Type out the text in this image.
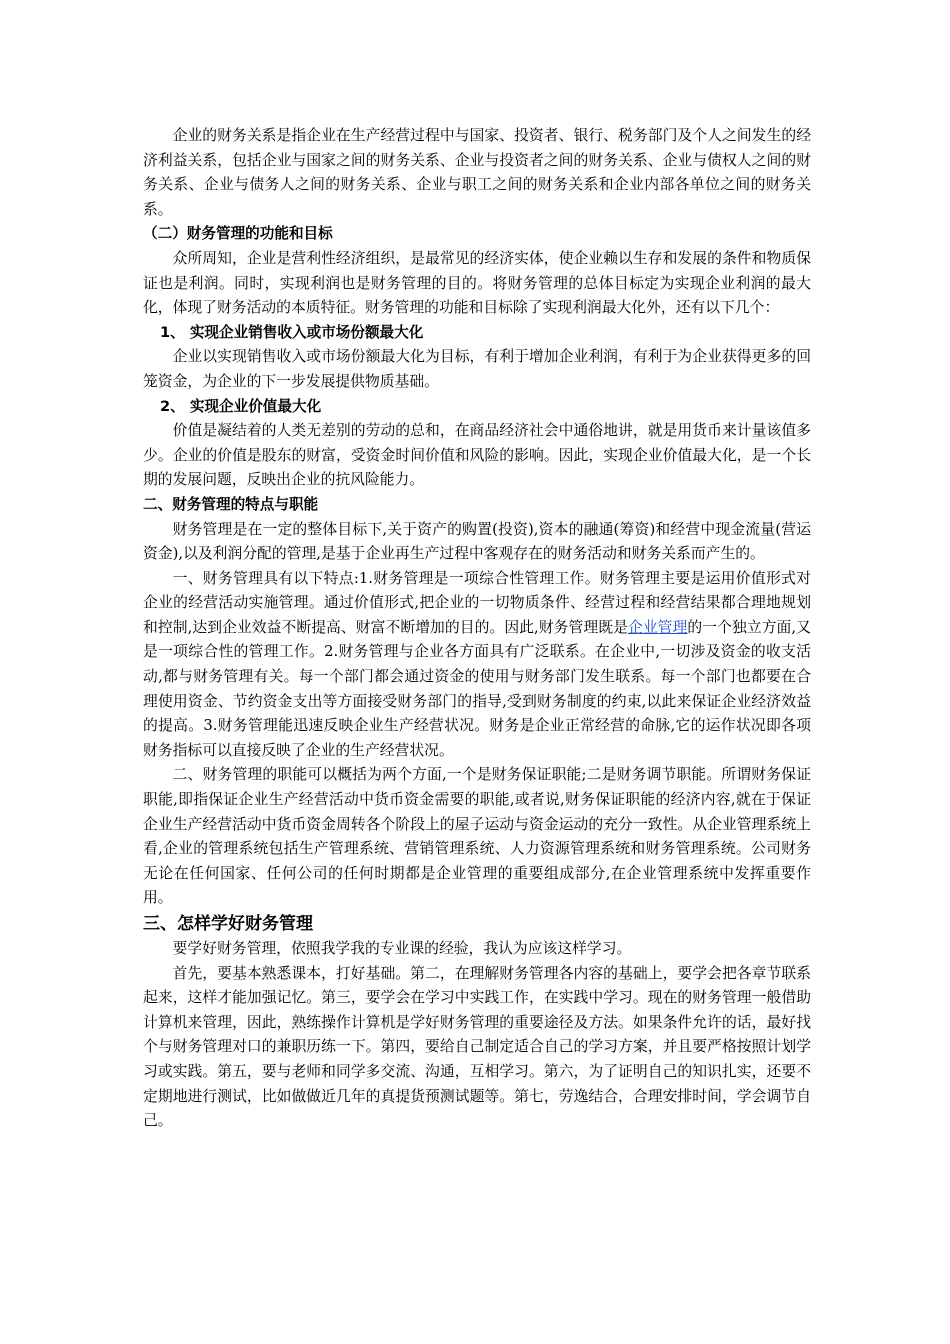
企业的财务关系是指企业在生产经营过程中与国家、投资者、银行、税务部门及个人之间发生的经济利益关系，包括企业与国家之间的财务关系、企业与投资者之间的财务关系、企业与债权人之间的财务关系、企业与债务人之间的财务关系、企业与职工之间的财务关系和企业内部各单位之间的财务关系。

（二）财务管理的功能和目标

众所周知，企业是营利性经济组织，是最常见的经济实体，使企业赖以生存和发展的条件和物质保证也是利润。同时，实现利润也是财务管理的目的。将财务管理的总体目标定为实现企业利润的最大化，体现了财务活动的本质特征。财务管理的功能和目标除了实现利润最大化外，还有以下几个：

1、 实现企业销售收入或市场份额最大化

企业以实现销售收入或市场份额最大化为目标，有利于增加企业利润，有利于为企业获得更多的回笼资金，为企业的下一步发展提供物质基础。

2、 实现企业价值最大化

价值是凝结着的人类无差别的劳动的总和，在商品经济社会中通俗地讲，就是用货币来计量该值多少。企业的价值是股东的财富，受资金时间价值和风险的影响。因此，实现企业价值最大化，是一个长期的发展问题，反映出企业的抗风险能力。

二、财务管理的特点与职能

财务管理是在一定的整体目标下,关于资产的购置(投资),资本的融通(筹资)和经营中现金流量(营运资金),以及利润分配的管理,是基于企业再生产过程中客观存在的财务活动和财务关系而产生的。

一、财务管理具有以下特点:1.财务管理是一项综合性管理工作。财务管理主要是运用价值形式对企业的经营活动实施管理。通过价值形式,把企业的一切物质条件、经营过程和经营结果都合理地规划和控制,达到企业效益不断提高、财富不断增加的目的。因此,财务管理既是企业管理的一个独立方面,又是一项综合性的管理工作。2.财务管理与企业各方面具有广泛联系。在企业中,一切涉及资金的收支活动,都与财务管理有关。每一个部门都会通过资金的使用与财务部门发生联系。每一个部门也都要在合理使用资金、节约资金支出等方面接受财务部门的指导,受到财务制度的约束,以此来保证企业经济效益的提高。3.财务管理能迅速反映企业生产经营状况。财务是企业正常经营的命脉,它的运作状况即各项财务指标可以直接反映了企业的生产经营状况。

二、财务管理的职能可以概括为两个方面,一个是财务保证职能;二是财务调节职能。所谓财务保证职能,即指保证企业生产经营活动中货币资金需要的职能,或者说,财务保证职能的经济内容,就在于保证企业生产经营活动中货币资金周转各个阶段上的屋子运动与资金运动的充分一致性。从企业管理系统上看,企业的管理系统包括生产管理系统、营销管理系统、人力资源管理系统和财务管理系统。公司财务无论在任何国家、任何公司的任何时期都是企业管理的重要组成部分,在企业管理系统中发挥重要作用。

三、怎样学好财务管理

要学好财务管理，依照我学我的专业课的经验，我认为应该这样学习。

首先，要基本熟悉课本，打好基础。第二，在理解财务管理各内容的基础上，要学会把各章节联系起来，这样才能加强记忆。第三，要学会在学习中实践工作，在实践中学习。现在的财务管理一般借助计算机来管理，因此，熟练操作计算机是学好财务管理的重要途径及方法。如果条件允许的话，最好找个与财务管理对口的兼职历练一下。第四，要给自己制定适合自己的学习方案，并且要严格按照计划学习或实践。第五，要与老师和同学多交流、沟通，互相学习。第六，为了证明自己的知识扎实，还要不定期地进行测试，比如做做近几年的真提货预测试题等。第七，劳逸结合，合理安排时间，学会调节自己。
